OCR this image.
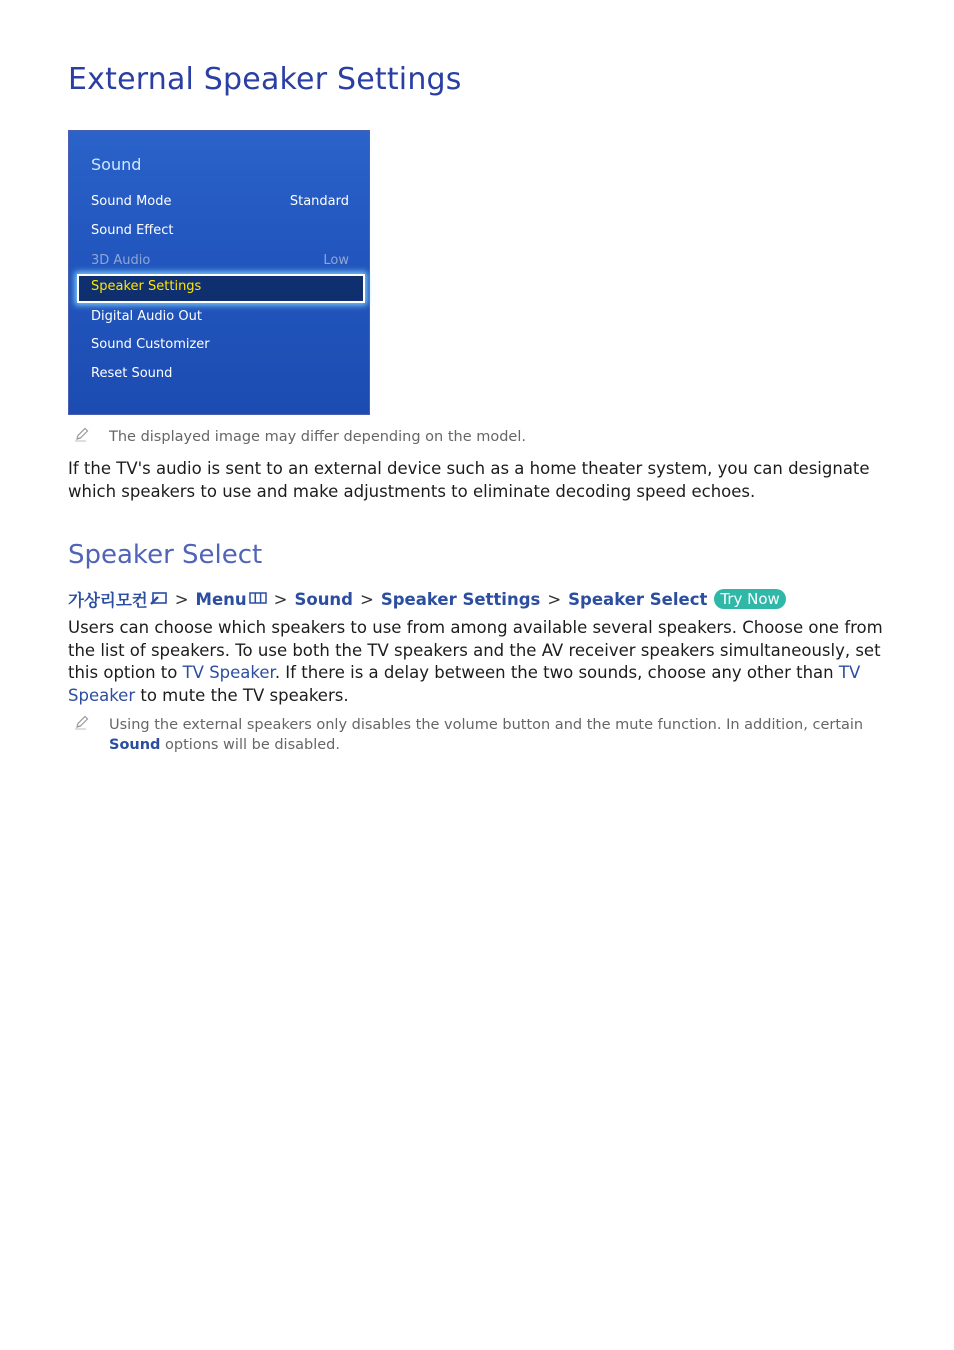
External Speaker Settings
Sound
Sound Mode	Standard
Sound Effect
3D Audio	Low
Speaker Settings
Digital Audio Out
Sound Customizer
Reset Sound
The displayed image may differ depending on the model.

If the TV's audio is sent to an external device such as a home theater system, you can designate which speakers to use and make adjustments to eliminate decoding speed echoes.

Speaker Select
가상리모컨 > Menu > Sound > Speaker Settings > Speaker Select Try Now

Users can choose which speakers to use from among available several speakers. Choose one from the list of speakers. To use both the TV speakers and the AV receiver speakers simultaneously, set this option to TV Speaker. If there is a delay between the two sounds, choose any other than TV Speaker to mute the TV speakers.

Using the external speakers only disables the volume button and the mute function. In addition, certain
Sound options will be disabled.
